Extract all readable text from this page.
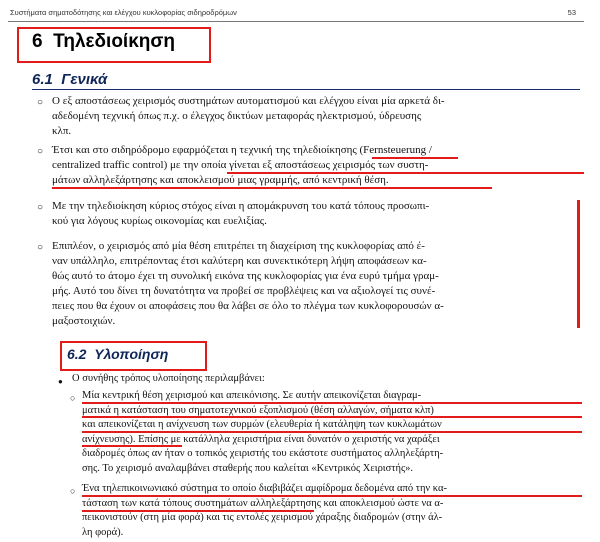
Συστήματα σηματοδότησης και ελέγχου κυκλοφορίας σιδηροδρόμων	53
6 Τηλεδιοίκηση
6.1 Γενικά
○ Ο εξ αποστάσεως χειρισμός συστημάτων αυτοματισμού και ελέγχου είναι μία αρκετά δι-
αδεδομένη τεχνική όπως π.χ. ο έλεγχος δικτύων μεταφοράς ηλεκτρισμού, ύδρευσης
κλπ.
○ Έτσι και στο σιδηρόδρομο εφαρμόζεται η τεχνική της τηλεδιοίκησης (Fernsteuerung /
centralized traffic control) με την οποία γίνεται εξ αποστάσεως χειρισμός των συστη-
μάτων αλληλεξάρτησης και αποκλεισμού μιας γραμμής, από κεντρική θέση.
○ Με την τηλεδιοίκηση κύριος στόχος είναι η απομάκρυνση του κατά τόπους προσωπι-
κού για λόγους κυρίως οικονομίας και ευελιξίας.
○ Επιπλέον, ο χειρισμός από μία θέση επιτρέπει τη διαχείριση της κυκλοφορίας από έ-
ναν υπάλληλο, επιτρέποντας έτσι καλύτερη και συνεκτικότερη λήψη αποφάσεων κα-
θώς αυτό το άτομο έχει τη συνολική εικόνα της κυκλοφορίας για ένα ευρύ τμήμα γραμ-
μής. Αυτό του δίνει τη δυνατότητα να προβεί σε προβλέψεις και να αξιολογεί τις συνέ-
πειες που θα έχουν οι αποφάσεις που θα λάβει σε όλο το πλέγμα των κυκλοφορουσών α-
μαξοστοιχιών.
6.2 Υλοποίηση
● Ο συνήθης τρόπος υλοποίησης περιλαμβάνει:
○ Μία κεντρική θέση χειρισμού και απεικόνισης. Σε αυτήν απεικονίζεται διαγραμ-
ματικά η κατάσταση του σηματοτεχνικού εξοπλισμού (θέση αλλαγών, σήματα κλπ)
και απεικονίζεται η ανίχνευση των συρμών (ελευθερία ή κατάληψη των κυκλωμάτων
ανίχνευσης). Επίσης με κατάλληλα χειριστήρια είναι δυνατόν ο χειριστής να χαράξει
διαδρομές όπως αν ήταν ο τοπικός χειριστής του εκάστοτε συστήματος αλληλεξάρτη-
σης. Το χειρισμό αναλαμβάνει σταθερής που καλείται «Κεντρικός Χειριστής».
○ Ένα τηλεπικοινωνιακό σύστημα το οποίο διαβιβάζει αμφίδρομα δεδομένα από την κα-
τάσταση των κατά τόπους συστημάτων αλληλεξάρτησης και αποκλεισμού ώστε να α-
πεικονιστούν (στη μία φορά) και τις εντολές χειρισμού χάραξης διαδρομών (στην άλ-
λη φορά).
